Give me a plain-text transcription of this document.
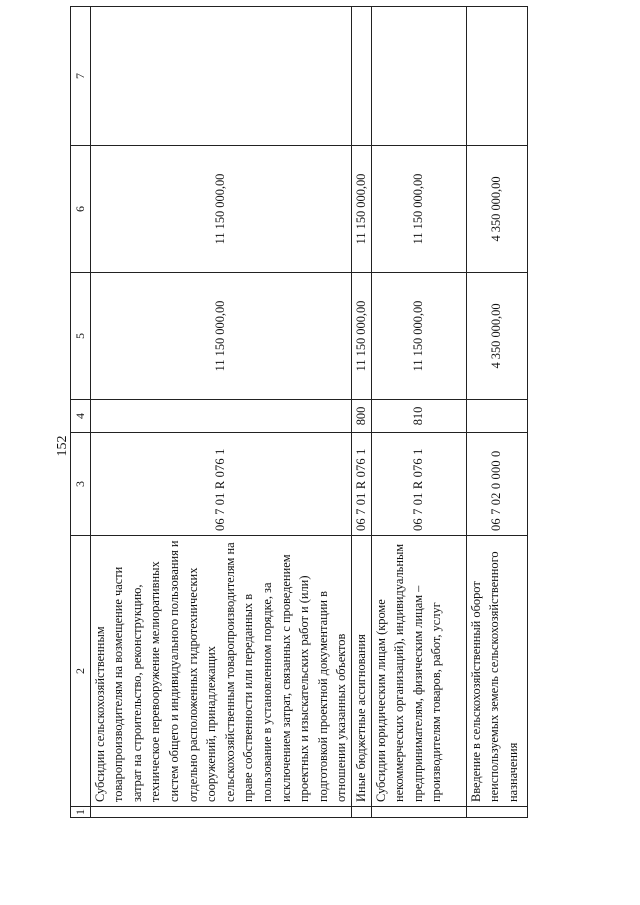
152
1	2	3	4	5	6	7
	Субсидии сельскохозяйственным товаропроизводителям на возмещение части затрат на строительство, реконструкцию, техническое перевооружение мелиоративных систем общего и индивидуального пользования и отдельно расположенных гидротехнических сооружений, принадлежащих сельскохозяйственным товаропроизводителям на праве собственности или переданных в пользование в установленном порядке, за исключением затрат, связанных с проведением проектных и изыскательских работ и (или) подготовкой проектной документации в отношении указанных объектов	06 7 01 R 076 1		11 150 000,00	11 150 000,00	
	Иные бюджетные ассигнования	06 7 01 R 076 1	800	11 150 000,00	11 150 000,00	
	Субсидии юридическим лицам (кроме некоммерческих организаций), индивидуальным предпринимателям, физическим лицам – производителям товаров, работ, услуг	06 7 01 R 076 1	810	11 150 000,00	11 150 000,00	
	Введение в сельскохозяйственный оборот неиспользуемых земель сельскохозяйственного назначения	06 7 02 0 000 0		4 350 000,00	4 350 000,00	
